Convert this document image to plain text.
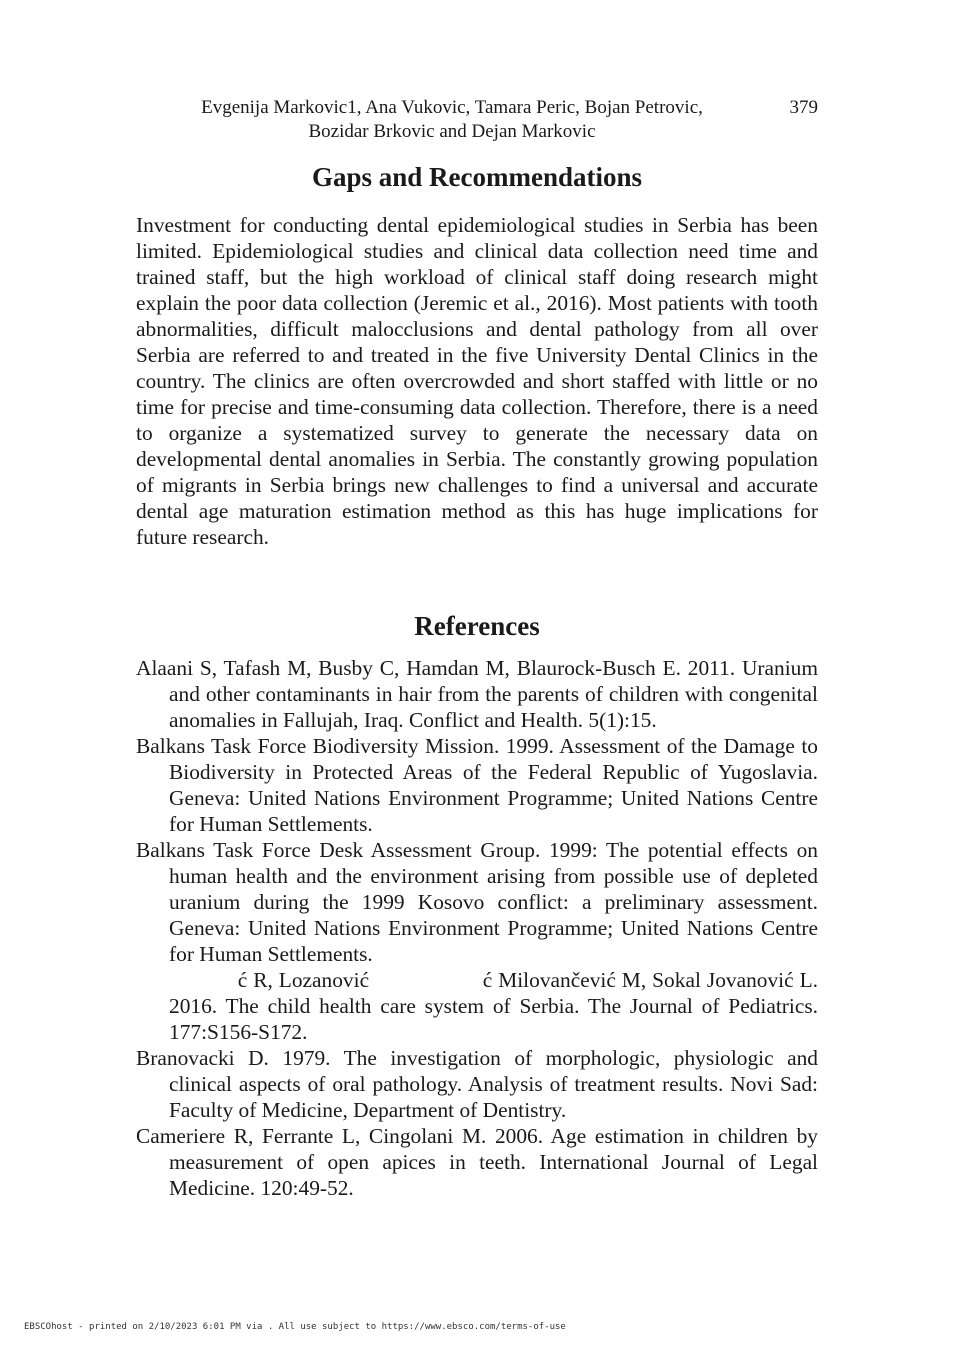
Evgenija Markovic1, Ana Vukovic, Tamara Peric, Bojan Petrovic,
Bozidar Brkovic and Dejan Markovic
379
Gaps and Recommendations

Investment for conducting dental epidemiological studies in Serbia has been limited. Epidemiological studies and clinical data collection need time and trained staff, but the high workload of clinical staff doing research might explain the poor data collection (Jeremic et al., 2016). Most patients with tooth abnormalities, difficult malocclusions and dental pathology from all over Serbia are referred to and treated in the five University Dental Clinics in the country. The clinics are often overcrowded and short staffed with little or no time for precise and time-consuming data collection. Therefore, there is a need to organize a systematized survey to generate the necessary data on developmental dental anomalies in Serbia. The constantly growing population of migrants in Serbia brings new challenges to find a universal and accurate dental age maturation estimation method as this has huge implications for future research.

References
Alaani S, Tafash M, Busby C, Hamdan M, Blaurock-Busch E. 2011. Uranium and other contaminants in hair from the parents of children with congenital anomalies in Fallujah, Iraq. Conflict and Health. 5(1):15.
Balkans Task Force Biodiversity Mission. 1999. Assessment of the Damage to Biodiversity in Protected Areas of the Federal Republic of Yugoslavia. Geneva: United Nations Environment Programme; United Nations Centre for Human Settlements.
Balkans Task Force Desk Assessment Group. 1999: The potential effects on human health and the environment arising from possible use of depleted uranium during the 1999 Kosovo conflict: a preliminary assessment. Geneva: United Nations Environment Programme; United Nations Centre for Human Settlements.
ć R, Lozanović                   ć Milovančević M, Sokal Jovanović L. 2016. The child health care system of Serbia. The Journal of Pediatrics. 177:S156-S172.
Branovacki D. 1979. The investigation of morphologic, physiologic and clinical aspects of oral pathology. Analysis of treatment results. Novi Sad: Faculty of Medicine, Department of Dentistry.
Cameriere R, Ferrante L, Cingolani M. 2006. Age estimation in children by measurement of open apices in teeth. International Journal of Legal Medicine. 120:49-52.
EBSCOhost - printed on 2/10/2023 6:01 PM via . All use subject to https://www.ebsco.com/terms-of-use
